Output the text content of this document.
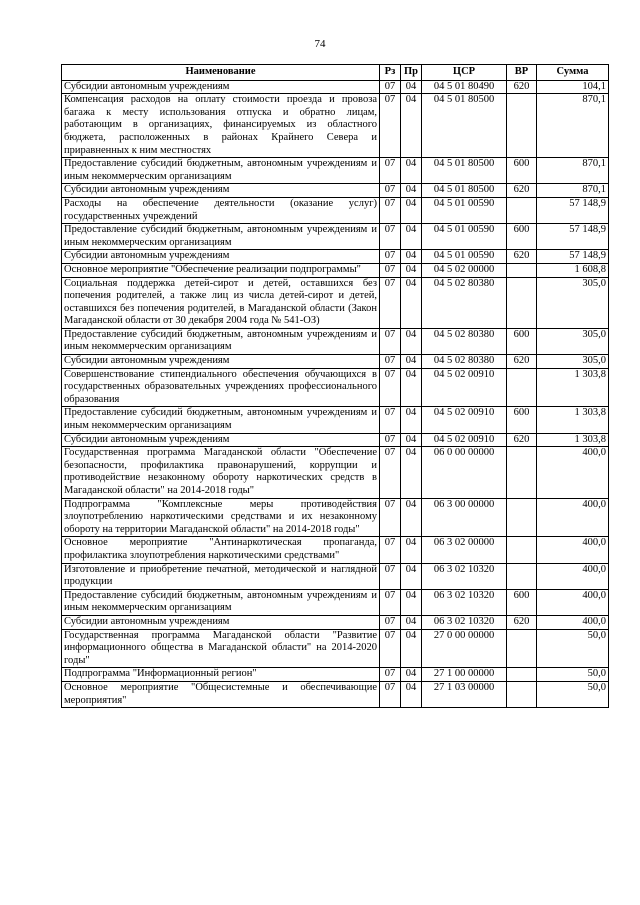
74
Наименование	Рз	Пр	ЦСР	ВР	Сумма
Субсидии автономным учреждениям	07	04	04 5 01 80490	620	104,1
Компенсация расходов на оплату стоимости проезда и провоза багажа к месту использования отпуска и обратно лицам, работающим в организациях, финансируемых из областного бюджета, расположенных в районах Крайнего Севера и приравненных к ним местностях	07	04	04 5 01 80500		870,1
Предоставление субсидий бюджетным, автономным учреждениям и иным некоммерческим организациям	07	04	04 5 01 80500	600	870,1
Субсидии автономным учреждениям	07	04	04 5 01 80500	620	870,1
Расходы на обеспечение деятельности (оказание услуг) государственных учреждений	07	04	04 5 01 00590		57 148,9
Предоставление субсидий бюджетным, автономным учреждениям и иным некоммерческим организациям	07	04	04 5 01 00590	600	57 148,9
Субсидии автономным учреждениям	07	04	04 5 01 00590	620	57 148,9
Основное мероприятие "Обеспечение реализации подпрограммы"	07	04	04 5 02 00000		1 608,8
Социальная поддержка детей-сирот и детей, оставшихся без попечения родителей, а также лиц из числа детей-сирот и детей, оставшихся без попечения родителей, в Магаданской области (Закон Магаданской области от 30 декабря 2004 года № 541-ОЗ)	07	04	04 5 02 80380		305,0
Предоставление субсидий бюджетным, автономным учреждениям и иным некоммерческим организациям	07	04	04 5 02 80380	600	305,0
Субсидии автономным учреждениям	07	04	04 5 02 80380	620	305,0
Совершенствование стипендиального обеспечения обучающихся в государственных образовательных учреждениях профессионального образования	07	04	04 5 02 00910		1 303,8
Предоставление субсидий бюджетным, автономным учреждениям и иным некоммерческим организациям	07	04	04 5 02 00910	600	1 303,8
Субсидии автономным учреждениям	07	04	04 5 02 00910	620	1 303,8
Государственная программа Магаданской области "Обеспечение безопасности, профилактика правонарушений, коррупции и противодействие незаконному обороту наркотических средств в Магаданской области" на 2014-2018 годы"	07	04	06 0 00 00000		400,0
Подпрограмма "Комплексные меры противодействия злоупотреблению наркотическими средствами и их незаконному обороту на территории Магаданской области" на 2014-2018 годы"	07	04	06 3 00 00000		400,0
Основное мероприятие "Антинаркотическая пропаганда, профилактика злоупотребления наркотическими средствами"	07	04	06 3 02 00000		400,0
Изготовление и приобретение печатной, методической и наглядной продукции	07	04	06 3 02 10320		400,0
Предоставление субсидий бюджетным, автономным учреждениям и иным некоммерческим организациям	07	04	06 3 02 10320	600	400,0
Субсидии автономным учреждениям	07	04	06 3 02 10320	620	400,0
Государственная программа Магаданской области "Развитие информационного общества в Магаданской области" на 2014-2020 годы"	07	04	27 0 00 00000		50,0
Подпрограмма "Информационный регион"	07	04	27 1 00 00000		50,0
Основное мероприятие "Общесистемные и обеспечивающие мероприятия"	07	04	27 1 03 00000		50,0
